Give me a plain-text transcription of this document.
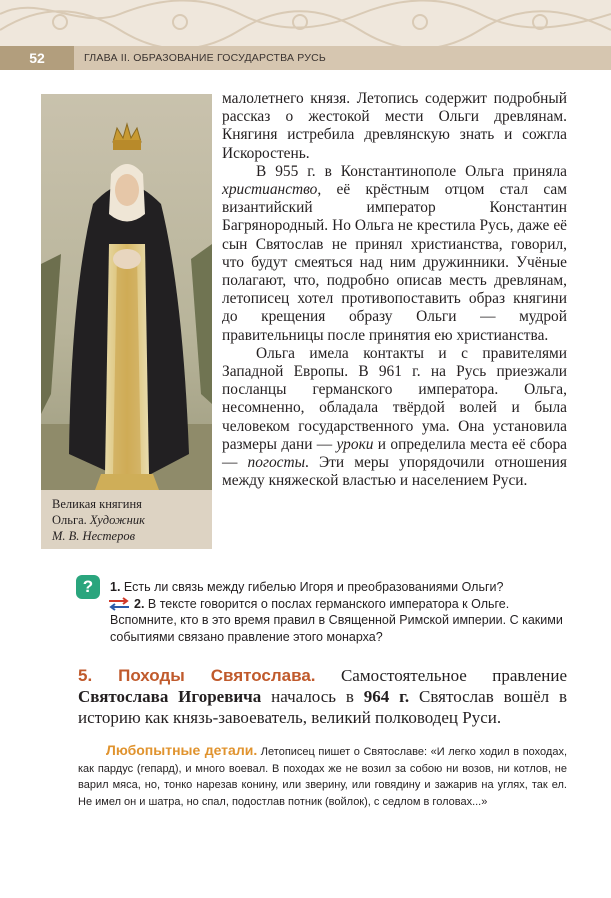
52	ГЛАВА II. ОБРАЗОВАНИЕ ГОСУДАРСТВА РУСЬ
Великая княгиня
Ольга. Художник
М. В. Нестеров

малолетнего князя. Летопись содержит подробный рассказ о жестокой мести Ольги древлянам. Княгиня истребила древлянскую знать и сожгла Искоростень.

В 955 г. в Константинополе Ольга приняла христианство, её крёстным отцом стал сам византийский император Константин Багрянородный. Но Ольга не крестила Русь, даже её сын Святослав не принял христианства, говорил, что будут смеяться над ним дружинники. Учёные полагают, что, подробно описав месть древлянам, летописец хотел противопоставить образ княгини до крещения образу Ольги — мудрой правительницы после принятия ею христианства.

Ольга имела контакты и с правителями Западной Европы. В 961 г. на Русь приезжали посланцы германского императора. Ольга, несомненно, обладала твёрдой волей и была человеком государственного ума. Она установила размеры дани — уроки и определила места её сбора — погосты. Эти меры упорядочили отношения между княжеской властью и населением Руси.

?	1. Есть ли связь между гибелью Игоря и преобразованиями Ольги?
2. В тексте говорится о послах германского императора к Ольге. Вспомните, кто в это время правил в Священной Римской империи. С какими событиями связано правление этого монарха?
5. Походы Святослава. Самостоятельное правление Святослава Игоревича началось в 964 г. Святослав вошёл в историю как князь-завоеватель, великий полководец Руси.
Любопытные детали. Летописец пишет о Святославе: «И легко ходил в походах, как пардус (гепард), и много воевал. В походах же не возил за собою ни возов, ни котлов, не варил мяса, но, тонко нарезав конину, или зверину, или говядину и зажарив на углях, так ел. Не имел он и шатра, но спал, подостлав потник (войлок), с седлом в головах...»
